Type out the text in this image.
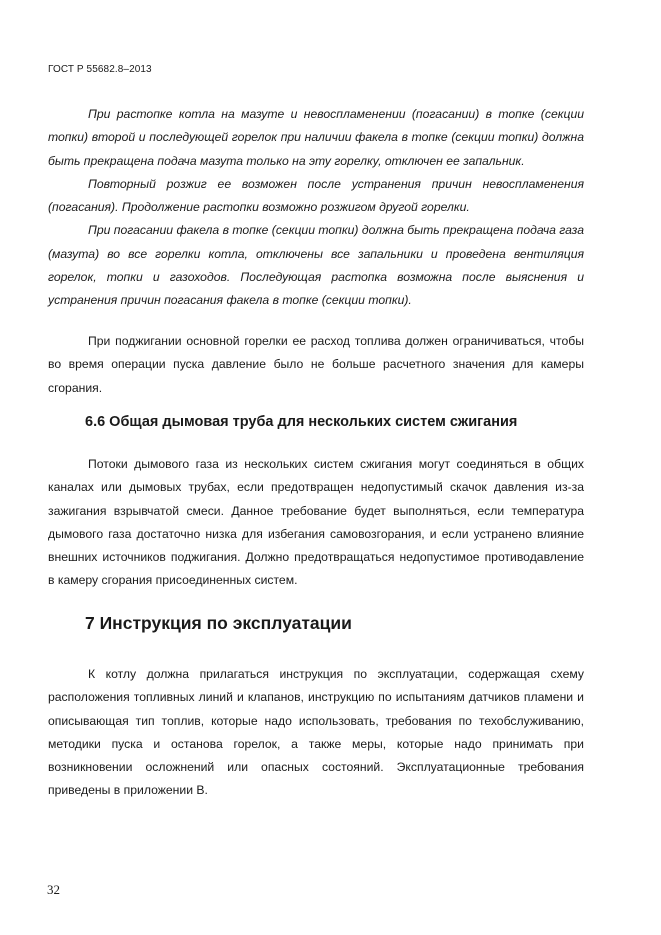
ГОСТ Р 55682.8–2013

При растопке котла на мазуте и невоспламенении (погасании) в топке (секции топки) второй и последующей горелок при наличии факела в топке (секции топки) должна быть прекращена подача мазута только на эту горелку, отключен ее запальник.

Повторный розжиг ее возможен после устранения причин невоспламенения (погасания). Продолжение растопки возможно розжигом другой горелки.

При погасании факела в топке (секции топки) должна быть прекращена подача газа (мазута) во все горелки котла, отключены все запальники и проведена вентиляция горелок, топки и газоходов. Последующая растопка возможна после выяснения и устранения причин погасания факела в топке (секции топки).

При поджигании основной горелки ее расход топлива должен ограничиваться, чтобы во время операции пуска давление было не больше расчетного значения для камеры сгорания.

6.6 Общая дымовая труба для нескольких систем сжигания

Потоки дымового газа из нескольких систем сжигания могут соединяться в общих каналах или дымовых трубах, если предотвращен недопустимый скачок давления из-за зажигания взрывчатой смеси. Данное требование будет выполняться, если температура дымового газа достаточно низка для избегания самовозгорания, и если устранено влияние внешних источников поджигания. Должно предотвращаться недопустимое противодавление в камеру сгорания присоединенных систем.

7 Инструкция по эксплуатации

К котлу должна прилагаться инструкция по эксплуатации, содержащая схему расположения топливных линий и клапанов, инструкцию по испытаниям датчиков пламени и описывающая тип топлив, которые надо использовать, требования по техобслуживанию, методики пуска и останова горелок, а также меры, которые надо принимать при возникновении осложнений или опасных состояний. Эксплуатационные требования приведены в приложении В.

32
